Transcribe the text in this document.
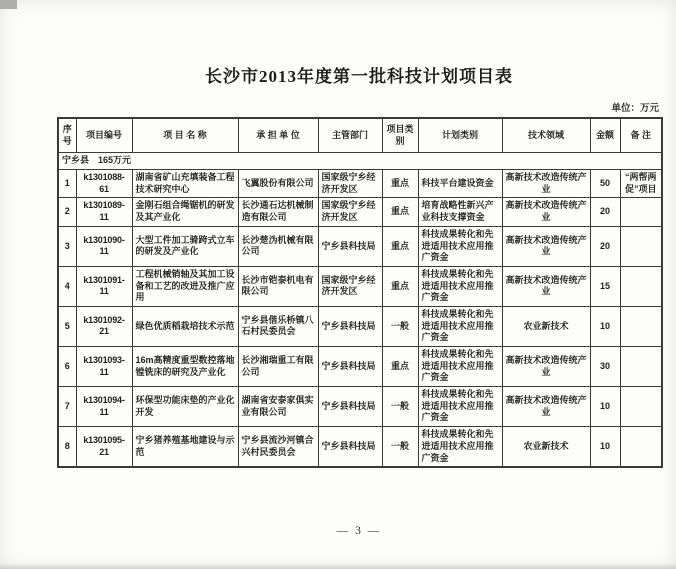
长沙市2013年度第一批科技计划项目表
单位：万元
序号	项目编号	项 目 名 称	承 担 单 位	主管部门	项目类别	计划类别	技术领域	金额	备 注
宁乡县　165万元									
1	k1301088-61	湖南省矿山充填装备工程技术研究中心	飞翼股份有限公司	国家级宁乡经济开发区	重点	科技平台建设资金	高新技术改造传统产业	50	“两帮两促”项目
2	k1301089-11	金刚石组合绳锯机的研发及其产业化	长沙通石达机械制造有限公司	国家级宁乡经济开发区	重点	培育战略性新兴产业科技支撑资金	高新技术改造传统产业	20	
3	k1301090-11	大型工件加工骑跨式立车的研发及产业化	长沙楚沩机械有限公司	宁乡县科技局	重点	科技成果转化和先进适用技术应用推广资金	高新技术改造传统产业	20	
4	k1301091-11	工程机械销轴及其加工设备和工艺的改进及推广应用	长沙市铠泰机电有限公司	国家级宁乡经济开发区	重点	科技成果转化和先进适用技术应用推广资金	高新技术改造传统产业	15	
5	k1301092-21	绿色优质稻栽培技术示范	宁乡县偕乐桥镇八石村民委员会	宁乡县科技局	一般	科技成果转化和先进适用技术应用推广资金	农业新技术	10	
6	k1301093-11	16m高精度重型数控落地镗铣床的研究及产业化	长沙湘瑞重工有限公司	宁乡县科技局	重点	科技成果转化和先进适用技术应用推广资金	高新技术改造传统产业	30	
7	k1301094-11	环保型功能床垫的产业化开发	湖南省安泰家俱实业有限公司	宁乡县科技局	一般	科技成果转化和先进适用技术应用推广资金	高新技术改造传统产业	10	
8	k1301095-21	宁乡猪养殖基地建设与示范	宁乡县流沙河镇合兴村民委员会	宁乡县科技局	一般	科技成果转化和先进适用技术应用推广资金	农业新技术	10	
— 3 —
